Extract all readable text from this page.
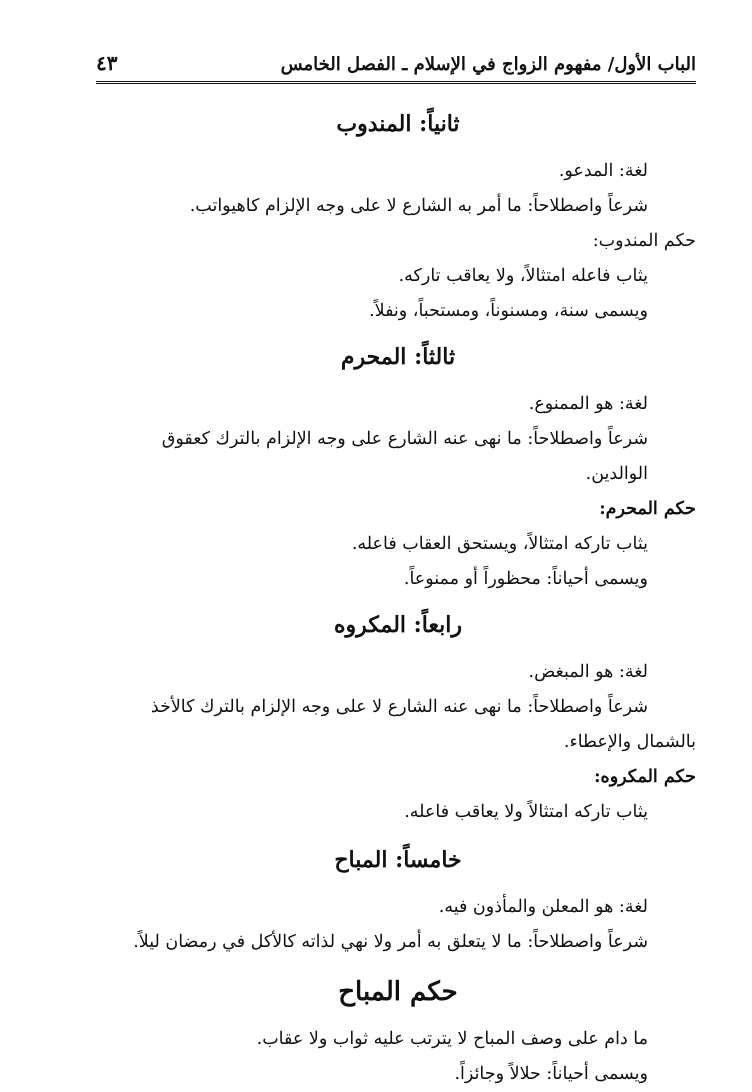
٤٣	الباب الأول/ مفهوم الزواج في الإسلام ـ الفصل الخامس
ثانياً: المندوب

لغة: المدعو.

شرعاً واصطلاحاً: ما أمر به الشارع لا على وجه الإلزام كاهيواتب.

حكم المندوب:

يثاب فاعله امتثالاً، ولا يعاقب تاركه.

ويسمى سنة، ومسنوناً، ومستحباً، ونفلاً.

ثالثاً: المحرم

لغة: هو الممنوع.

شرعاً واصطلاحاً: ما نهى عنه الشارع على وجه الإلزام بالترك كعقوق الوالدين.

حكم المحرم:

يثاب تاركه امتثالاً، ويستحق العقاب فاعله.

ويسمى أحياناً: محظوراً أو ممنوعاً.

رابعاً: المكروه

لغة: هو المبغض.

شرعاً واصطلاحاً: ما نهى عنه الشارع لا على وجه الإلزام بالترك كالأخذ

بالشمال والإعطاء.

حكم المكروه:

يثاب تاركه امتثالاً ولا يعاقب فاعله.

خامساً: المباح

لغة: هو المعلن والمأذون فيه.

شرعاً واصطلاحاً: ما لا يتعلق به أمر ولا نهي لذاته كالأكل في رمضان ليلاً.

حكم المباح

ما دام على وصف المباح لا يترتب عليه ثواب ولا عقاب.

ويسمى أحياناً: حلالاً وجائزاً.
